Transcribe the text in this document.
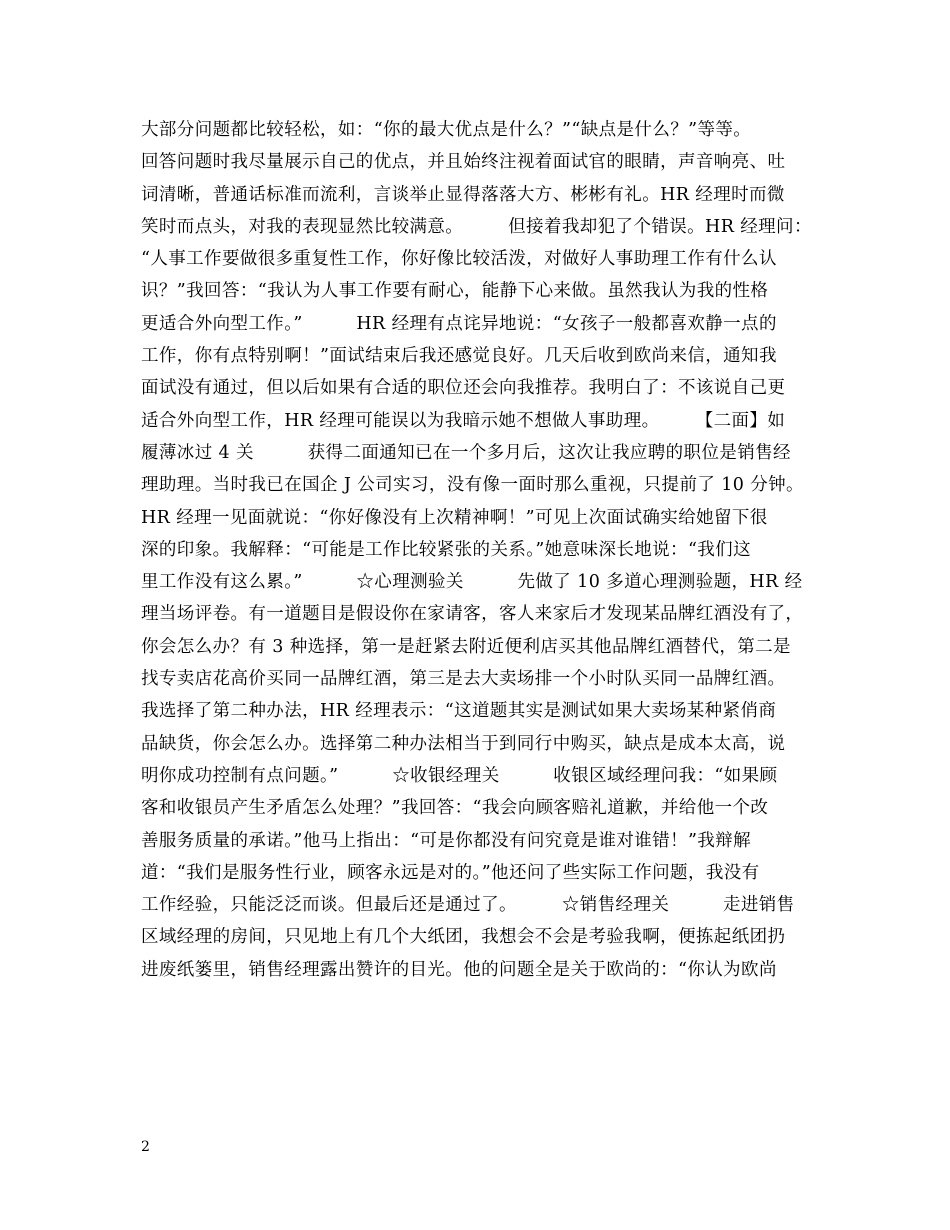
大部分问题都比较轻松，如：“你的最大优点是什么？”“缺点是什么？”等等。
回答问题时我尽量展示自己的优点，并且始终注视着面试官的眼睛，声音响亮、吐
词清晰，普通话标准而流利，言谈举止显得落落大方、彬彬有礼。HR 经理时而微
笑时而点头，对我的表现显然比较满意。　　　但接着我却犯了个错误。HR 经理问：
“人事工作要做很多重复性工作，你好像比较活泼，对做好人事助理工作有什么认
识？”我回答：“我认为人事工作要有耐心，能静下心来做。虽然我认为我的性格
更适合外向型工作。”　　　HR 经理有点诧异地说：“女孩子一般都喜欢静一点的
工作，你有点特别啊！”面试结束后我还感觉良好。几天后收到欧尚来信，通知我
面试没有通过，但以后如果有合适的职位还会向我推荐。我明白了：不该说自己更
适合外向型工作，HR 经理可能误以为我暗示她不想做人事助理。　　　【二面】如
履薄冰过 4 关　　　获得二面通知已在一个多月后，这次让我应聘的职位是销售经
理助理。当时我已在国企 J 公司实习，没有像一面时那么重视，只提前了 10 分钟。
HR 经理一见面就说：“你好像没有上次精神啊！”可见上次面试确实给她留下很
深的印象。我解释：“可能是工作比较紧张的关系。”她意味深长地说：“我们这
里工作没有这么累。”　　　☆心理测验关　　　先做了 10 多道心理测验题，HR 经
理当场评卷。有一道题目是假设你在家请客，客人来家后才发现某品牌红酒没有了，
你会怎么办？有 3 种选择，第一是赶紧去附近便利店买其他品牌红酒替代，第二是
找专卖店花高价买同一品牌红酒，第三是去大卖场排一个小时队买同一品牌红酒。
我选择了第二种办法，HR 经理表示：“这道题其实是测试如果大卖场某种紧俏商
品缺货，你会怎么办。选择第二种办法相当于到同行中购买，缺点是成本太高，说
明你成功控制有点问题。”　　　☆收银经理关　　　收银区域经理问我：“如果顾
客和收银员产生矛盾怎么处理？”我回答：“我会向顾客赔礼道歉，并给他一个改
善服务质量的承诺。”他马上指出：“可是你都没有问究竟是谁对谁错！”我辩解
道：“我们是服务性行业，顾客永远是对的。”他还问了些实际工作问题，我没有
工作经验，只能泛泛而谈。但最后还是通过了。　　　☆销售经理关　　　走进销售
区域经理的房间，只见地上有几个大纸团，我想会不会是考验我啊，便拣起纸团扔
进废纸篓里，销售经理露出赞许的目光。他的问题全是关于欧尚的：“你认为欧尚
2
